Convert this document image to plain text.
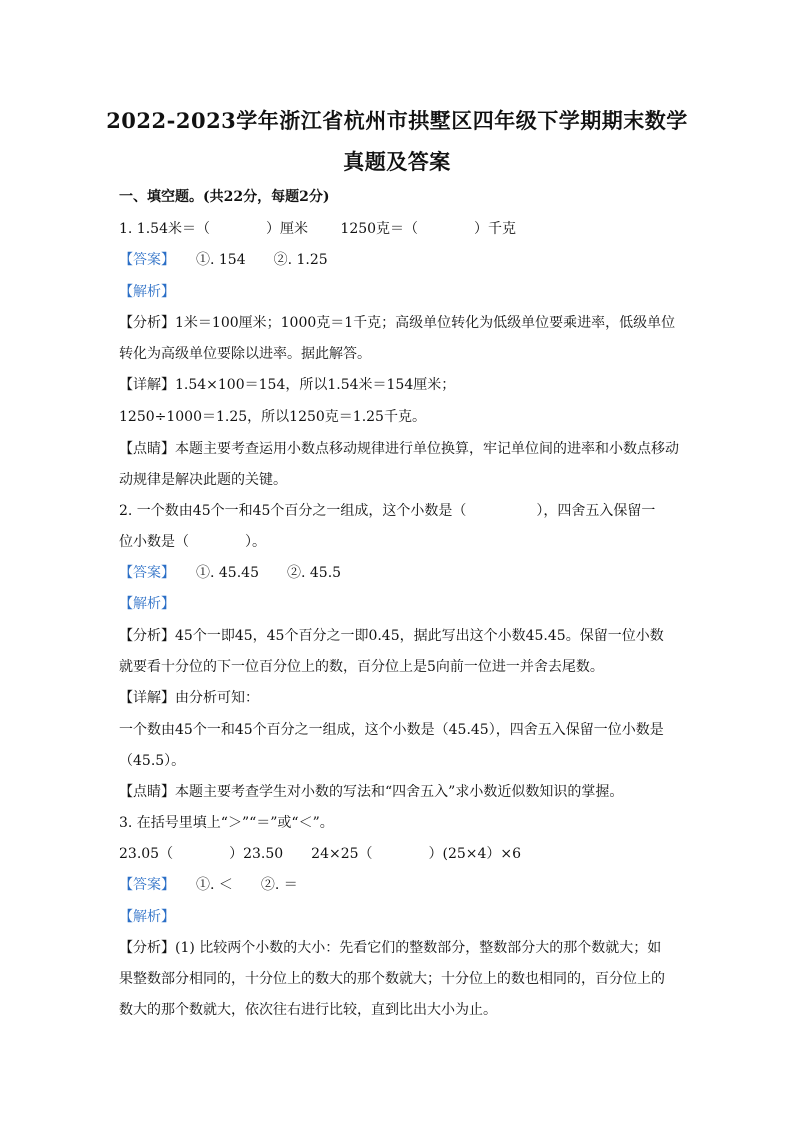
2022-2023学年浙江省杭州市拱墅区四年级下学期期末数学
真题及答案
一、填空题。(共22分，每题2分)
1. 1.54米＝（　　　　）厘米　　 1250克＝（　　　　）千克
【答案】　　①. 154　　②. 1.25
【解析】
【分析】1米＝100厘米；1000克＝1千克；高级单位转化为低级单位要乘进率，低级单位
转化为高级单位要除以进率。据此解答。
【详解】1.54×100＝154，所以1.54米＝154厘米；
1250÷1000＝1.25，所以1250克＝1.25千克。
【点睛】本题主要考查运用小数点移动规律进行单位换算，牢记单位间的进率和小数点移动
动规律是解决此题的关键。
2. 一个数由45个一和45个百分之一组成，这个小数是（　　　　　），四舍五入保留一
位小数是（　　　　）。
【答案】　　①. 45.45　　②. 45.5
【解析】
【分析】45个一即45，45个百分之一即0.45，据此写出这个小数45.45。保留一位小数
就要看十分位的下一位百分位上的数，百分位上是5向前一位进一并舍去尾数。
【详解】由分析可知：
一个数由45个一和45个百分之一组成，这个小数是（45.45），四舍五入保留一位小数是
（45.5）。
【点睛】本题主要考查学生对小数的写法和“四舍五入”求小数近似数知识的掌握。
3. 在括号里填上“＞”“＝”或“＜”。
23.05（　　　　）23.50　　24×25（　　　　）(25×4）×6
【答案】　　①. ＜　　②. ＝
【解析】
【分析】(1) 比较两个小数的大小：先看它们的整数部分，整数部分大的那个数就大；如
果整数部分相同的，十分位上的数大的那个数就大；十分位上的数也相同的，百分位上的
数大的那个数就大，依次往右进行比较，直到比出大小为止。
